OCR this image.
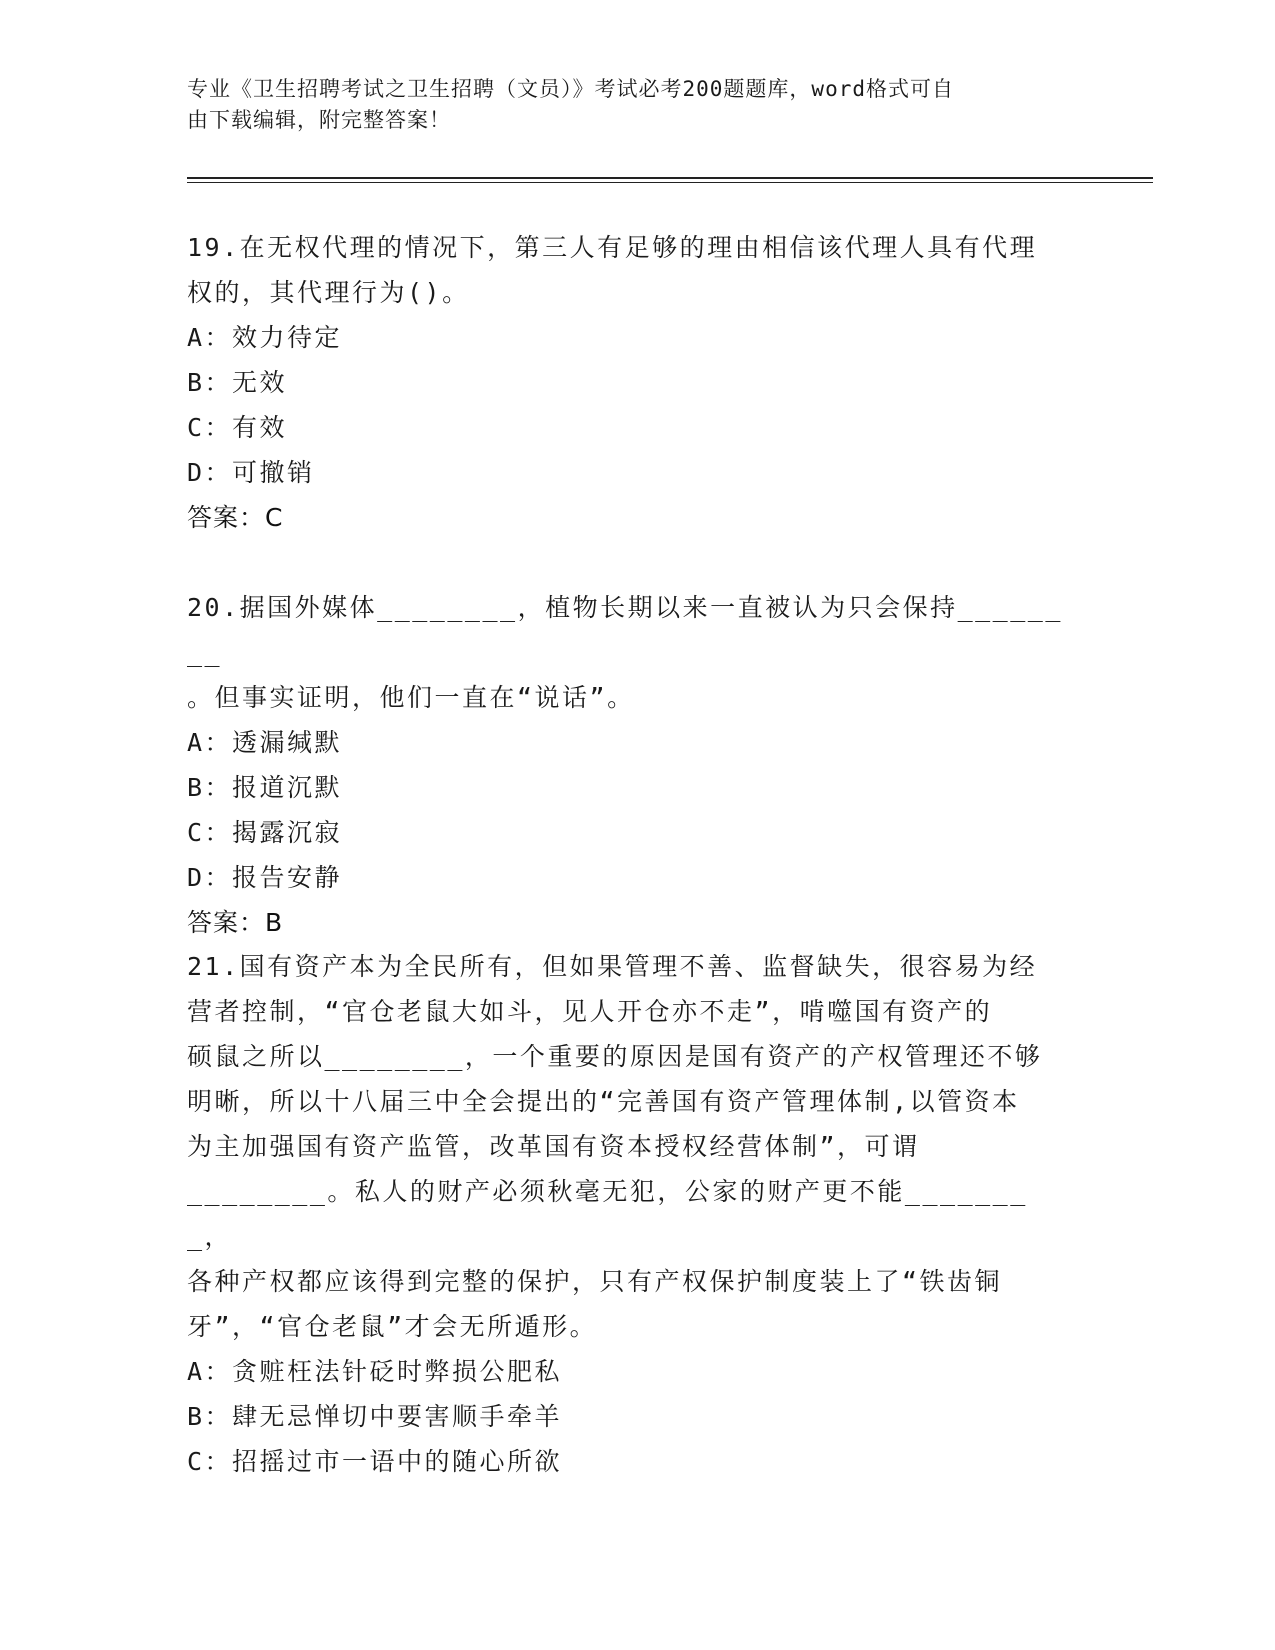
专业《卫生招聘考试之卫生招聘（文员）》考试必考200题题库，word格式可自
由下载编辑，附完整答案！
19.在无权代理的情况下，第三人有足够的理由相信该代理人具有代理
权的，其代理行为()。
A：效力待定
B：无效
C：有效
D：可撤销
答案：C
20.据国外媒体________，植物长期以来一直被认为只会保持________
。但事实证明，他们一直在“说话”。
A：透漏缄默
B：报道沉默
C：揭露沉寂
D：报告安静
答案：B
21.国有资产本为全民所有，但如果管理不善、监督缺失，很容易为经
营者控制，“官仓老鼠大如斗，见人开仓亦不走”，啃噬国有资产的
硕鼠之所以________，一个重要的原因是国有资产的产权管理还不够
明晰，所以十八届三中全会提出的“完善国有资产管理体制,以管资本
为主加强国有资产监管，改革国有资本授权经营体制”，可谓
________。私人的财产必须秋毫无犯，公家的财产更不能________，
各种产权都应该得到完整的保护，只有产权保护制度装上了“铁齿铜
牙”，“官仓老鼠”才会无所遁形。
A：贪赃枉法针砭时弊损公肥私
B：肆无忌惮切中要害顺手牵羊
C：招摇过市一语中的随心所欲
